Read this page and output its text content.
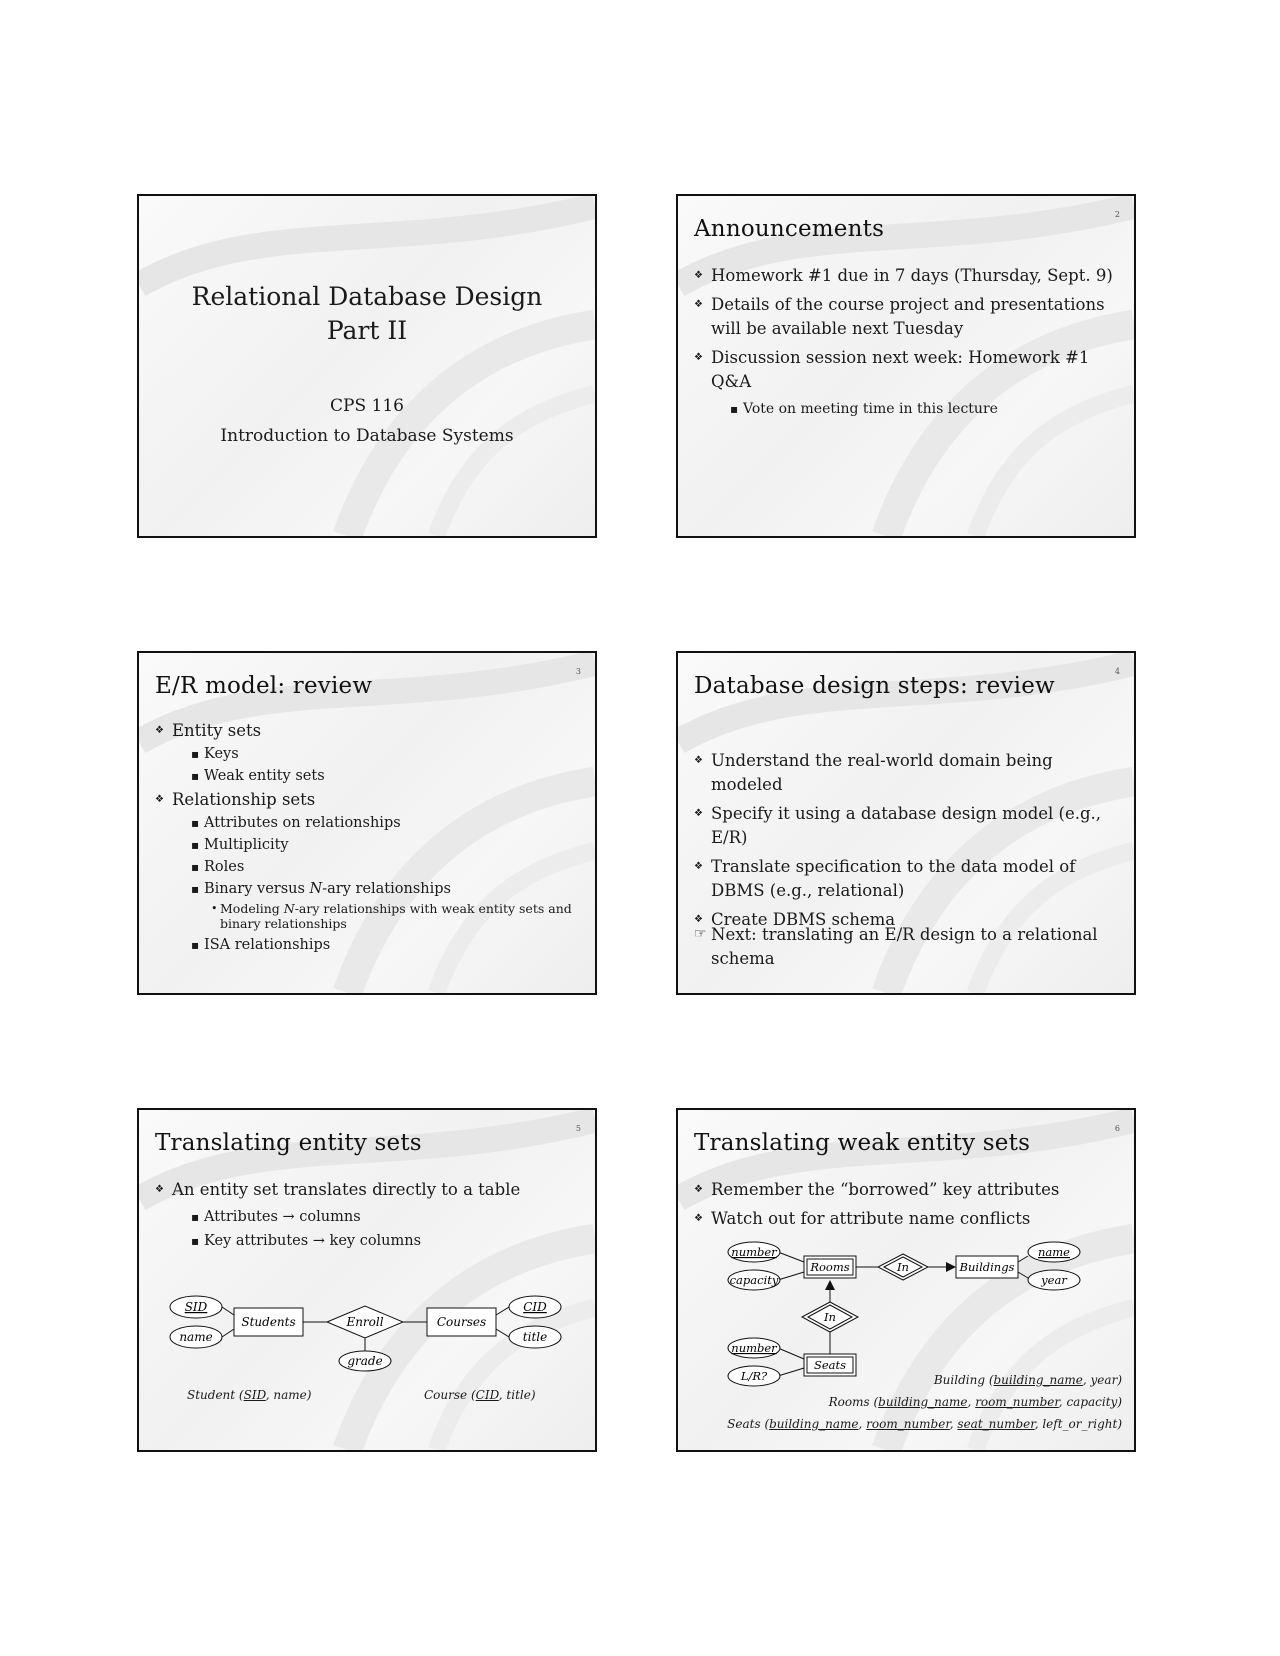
Relational Database Design
Part II
CPS 116
Introduction to Database Systems
2
Announcements
❖ Homework #1 due in 7 days (Thursday, Sept. 9)
❖ Details of the course project and presentations will be available next Tuesday
❖ Discussion session next week: Homework #1 Q&A
▪ Vote on meeting time in this lecture
3
E/R model: review
❖ Entity sets
▪ Keys
▪ Weak entity sets
❖ Relationship sets
▪ Attributes on relationships
▪ Multiplicity
▪ Roles
▪ Binary versus N-ary relationships
• Modeling N-ary relationships with weak entity sets and binary relationships
▪ ISA relationships
4
Database design steps: review
❖ Understand the real-world domain being modeled
❖ Specify it using a database design model (e.g., E/R)
❖ Translate specification to the data model of DBMS (e.g., relational)
❖ Create DBMS schema
☞ Next: translating an E/R design to a relational schema
5
Translating entity sets
❖ An entity set translates directly to a table
▪ Attributes → columns
▪ Key attributes → key columns
SID
name
Students	Enroll
grade
Courses
CID
title
Student (SID, name)	Course (CID, title)
6
Translating weak entity sets
❖ Remember the “borrowed” key attributes
❖ Watch out for attribute name conflicts
number
capacity
Rooms	In	Buildings
name
year
In
number
L/R?
Seats
Building (building_name, year)
Rooms (building_name, room_number, capacity)
Seats (building_name, room_number, seat_number, left_or_right)
